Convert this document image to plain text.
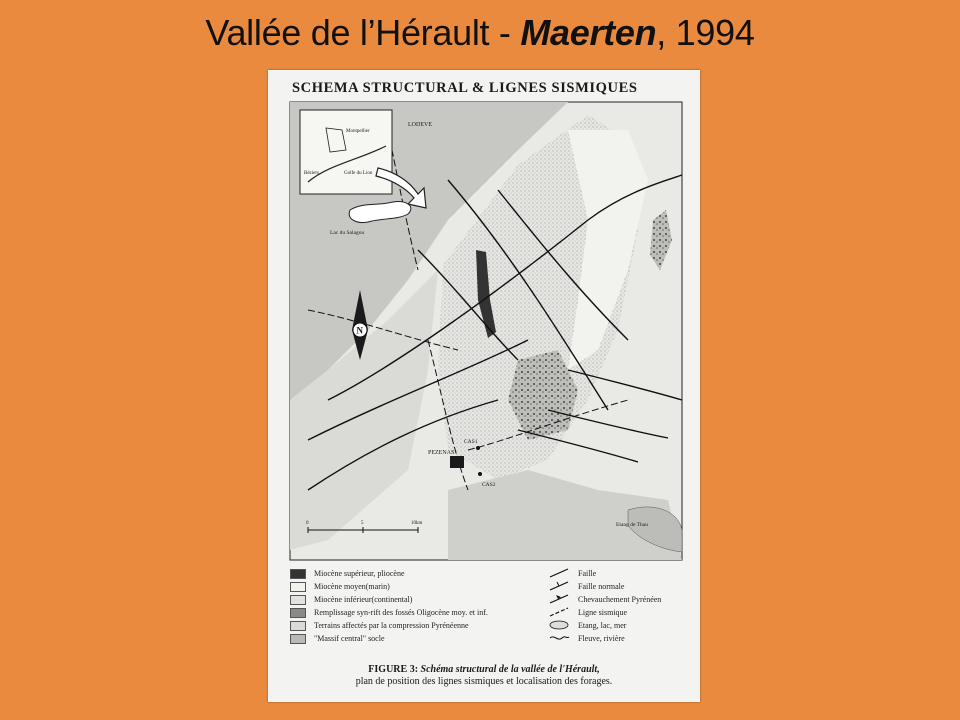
Vallée de l’Hérault - Maerten, 1994
SCHEMA STRUCTURAL & LIGNES SISMIQUES
Montpellier
Béziers	Golfe du Lion
Lac du Salagou
LODEVE
N
PEZENAS
CAS1
CAS2
Etang de Thau
0	5	10km
Miocène supérieur, pliocène
Miocène moyen(marin)
Miocène inférieur(continental)
Remplissage syn-rift des fossés Oligocène moy. et inf.
Terrains affectés par la compression Pyrénéenne
"Massif central" socle
Faille
Faille normale
Chevauchement Pyrénéen
Ligne sismique
Etang, lac, mer
Fleuve, rivière
FIGURE 3: Schéma structural de la vallée de l'Hérault,
plan de position des lignes sismiques et localisation des forages.
